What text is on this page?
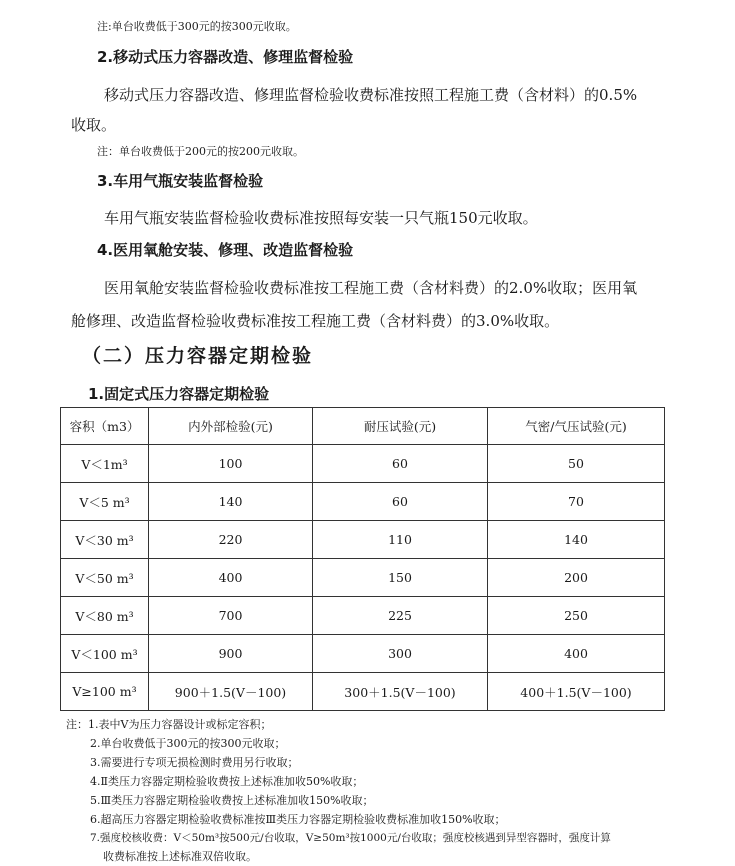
注:单台收费低于300元的按300元收取。
2.移动式压力容器改造、修理监督检验
移动式压力容器改造、修理监督检验收费标准按照工程施工费（含材料）的0.5%
收取。
注：单台收费低于200元的按200元收取。
3.车用气瓶安装监督检验
车用气瓶安装监督检验收费标准按照每安装一只气瓶150元收取。
4.医用氧舱安装、修理、改造监督检验
医用氧舱安装监督检验收费标准按工程施工费（含材料费）的2.0%收取；医用氧
舱修理、改造监督检验收费标准按工程施工费（含材料费）的3.0%收取。
（二）压力容器定期检验
1.固定式压力容器定期检验
容积（m3）	内外部检验(元)	耐压试验(元)	气密/气压试验(元)
V＜1m³	100	60	50
V＜5 m³	140	60	70
V＜30 m³	220	110	140
V＜50 m³	400	150	200
V＜80 m³	700	225	250
V＜100 m³	900	300	400
V≥100 m³	900＋1.5(V－100)	300＋1.5(V－100)	400＋1.5(V－100)
注：1.表中V为压力容器设计或标定容积；
2.单台收费低于300元的按300元收取；
3.需要进行专项无损检测时费用另行收取；
4.Ⅱ类压力容器定期检验收费按上述标准加收50%收取；
5.Ⅲ类压力容器定期检验收费按上述标准加收150%收取；
6.超高压力容器定期检验收费标准按Ⅲ类压力容器定期检验收费标准加收150%收取；
7.强度校核收费：V＜50m³按500元/台收取，V≥50m³按1000元/台收取；强度校核遇到异型容器时，强度计算
收费标准按上述标准双倍收取。
